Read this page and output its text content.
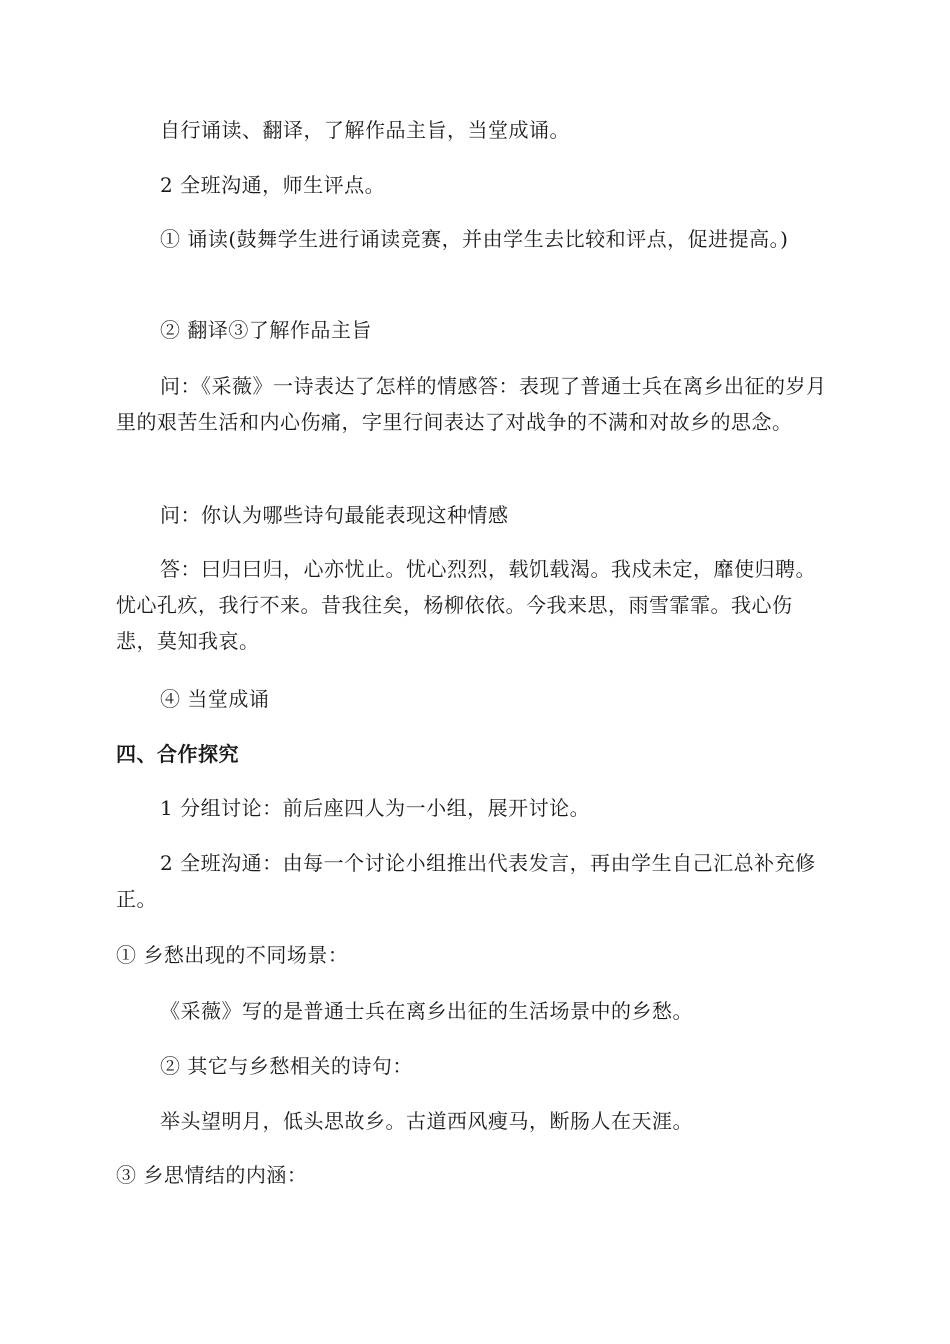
自行诵读、翻译，了解作品主旨，当堂成诵。
2 全班沟通，师生评点。
① 诵读(鼓舞学生进行诵读竞赛，并由学生去比较和评点，促进提高。)
② 翻译③了解作品主旨
问：《采薇》一诗表达了怎样的情感答：表现了普通士兵在离乡出征的岁月里的艰苦生活和内心伤痛，字里行间表达了对战争的不满和对故乡的思念。
问：你认为哪些诗句最能表现这种情感
答：曰归曰归，心亦忧止。忧心烈烈，载饥载渴。我戍未定，靡使归聘。忧心孔疚，我行不来。昔我往矣，杨柳依依。今我来思，雨雪霏霏。我心伤悲，莫知我哀。
④ 当堂成诵
四、合作探究
1 分组讨论：前后座四人为一小组，展开讨论。
2 全班沟通：由每一个讨论小组推出代表发言，再由学生自己汇总补充修正。
① 乡愁出现的不同场景：
《采薇》写的是普通士兵在离乡出征的生活场景中的乡愁。
② 其它与乡愁相关的诗句：
举头望明月，低头思故乡。古道西风瘦马，断肠人在天涯。
③ 乡思情结的内涵：
